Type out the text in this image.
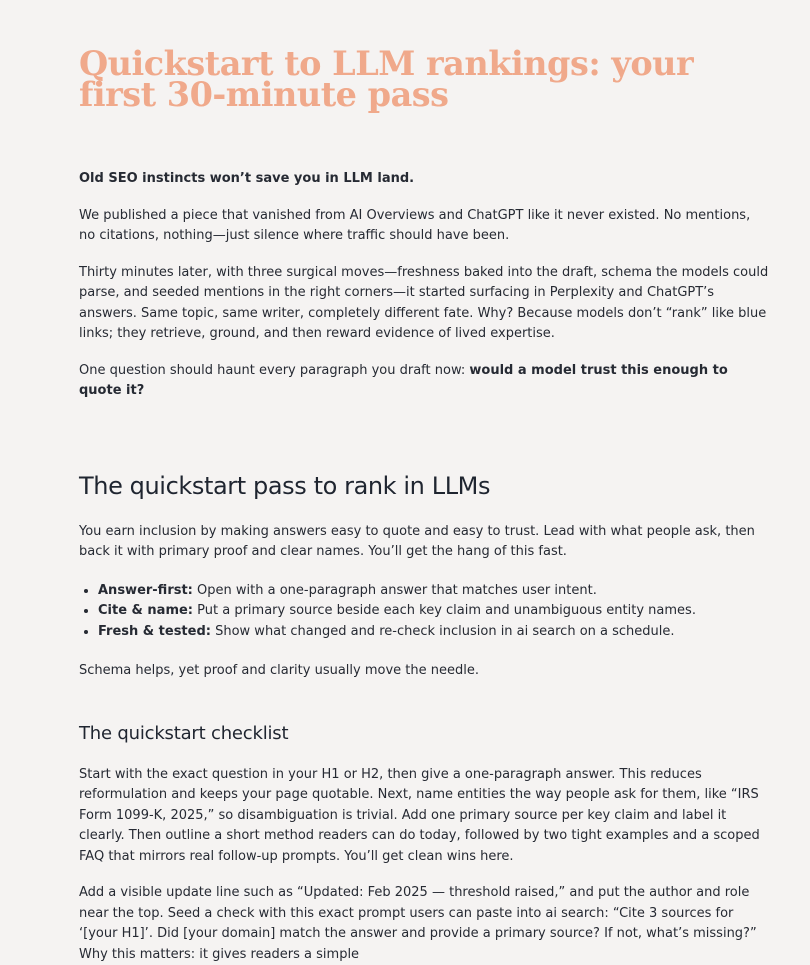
Quickstart to LLM rankings: your first 30-minute pass

Old SEO instincts won’t save you in LLM land.

We published a piece that vanished from AI Overviews and ChatGPT like it never existed. No mentions, no citations, nothing—just silence where traffic should have been.

Thirty minutes later, with three surgical moves—freshness baked into the draft, schema the models could parse, and seeded mentions in the right corners—it started surfacing in Perplexity and ChatGPT’s answers. Same topic, same writer, completely different fate. Why? Because models don’t “rank” like blue links; they retrieve, ground, and then reward evidence of lived expertise.

One question should haunt every paragraph you draft now: would a model trust this enough to quote it?

The quickstart pass to rank in LLMs

You earn inclusion by making answers easy to quote and easy to trust. Lead with what people ask, then back it with primary proof and clear names. You’ll get the hang of this fast.

• Answer-first: Open with a one-paragraph answer that matches user intent.
• Cite & name: Put a primary source beside each key claim and unambiguous entity names.
• Fresh & tested: Show what changed and re-check inclusion in ai search on a schedule.

Schema helps, yet proof and clarity usually move the needle.

The quickstart checklist

Start with the exact question in your H1 or H2, then give a one-paragraph answer. This reduces reformulation and keeps your page quotable. Next, name entities the way people ask for them, like “IRS Form 1099-K, 2025,” so disambiguation is trivial. Add one primary source per key claim and label it clearly. Then outline a short method readers can do today, followed by two tight examples and a scoped FAQ that mirrors real follow-up prompts. You’ll get clean wins here.

Add a visible update line such as “Updated: Feb 2025 — threshold raised,” and put the author and role near the top. Seed a check with this exact prompt users can paste into ai search: “Cite 3 sources for ‘[your H1]’. Did [your domain] match the answer and provide a primary source? If not, what’s missing?” Why this matters: it gives readers a simple
